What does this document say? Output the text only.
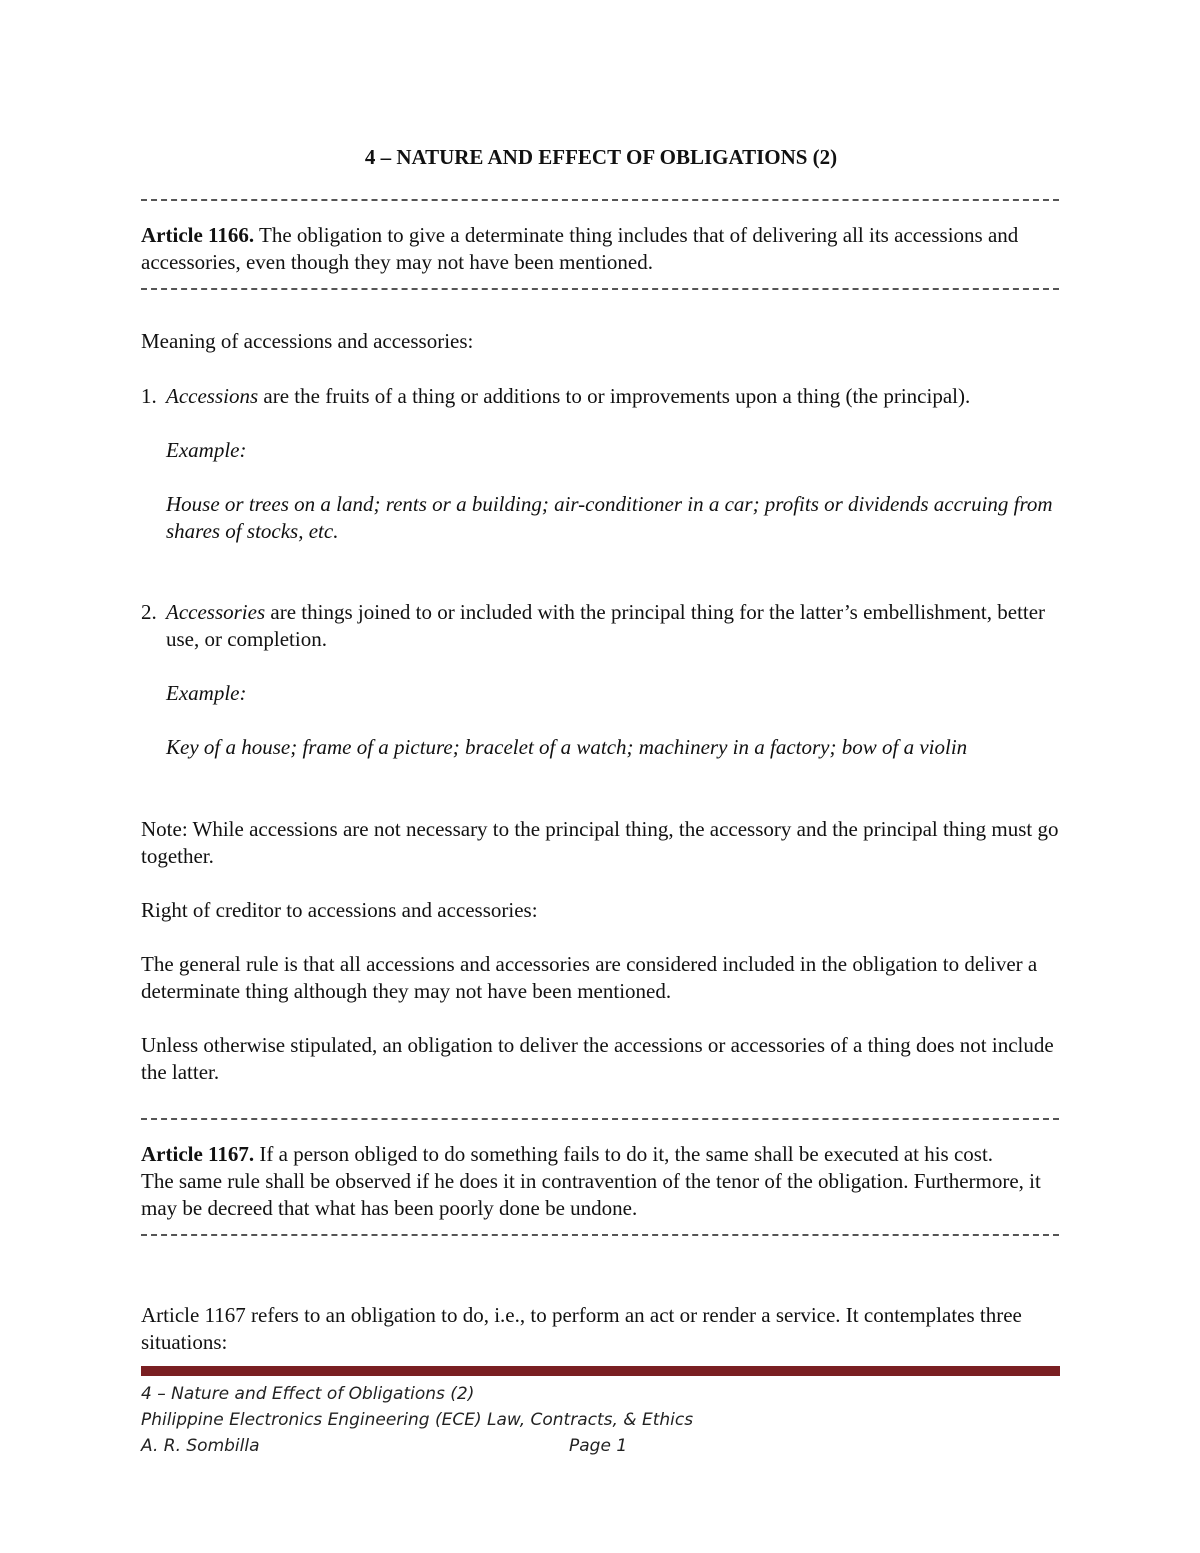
4 – NATURE AND EFFECT OF OBLIGATIONS (2)

Article 1166. The obligation to give a determinate thing includes that of delivering all its accessions and accessories, even though they may not have been mentioned.

Meaning of accessions and accessories:

1. Accessions are the fruits of a thing or additions to or improvements upon a thing (the principal).

Example:

House or trees on a land; rents or a building; air-conditioner in a car; profits or dividends accruing from shares of stocks, etc.

2. Accessories are things joined to or included with the principal thing for the latter’s embellishment, better use, or completion.

Example:

Key of a house; frame of a picture; bracelet of a watch; machinery in a factory; bow of a violin

Note: While accessions are not necessary to the principal thing, the accessory and the principal thing must go together.

Right of creditor to accessions and accessories:

The general rule is that all accessions and accessories are considered included in the obligation to deliver a determinate thing although they may not have been mentioned.

Unless otherwise stipulated, an obligation to deliver the accessions or accessories of a thing does not include the latter.

Article 1167. If a person obliged to do something fails to do it, the same shall be executed at his cost.

The same rule shall be observed if he does it in contravention of the tenor of the obligation. Furthermore, it may be decreed that what has been poorly done be undone.

Article 1167 refers to an obligation to do, i.e., to perform an act or render a service. It contemplates three situations:

4 – Nature and Effect of Obligations (2)
Philippine Electronics Engineering (ECE) Law, Contracts, & Ethics
A. R. Sombilla	Page 1
